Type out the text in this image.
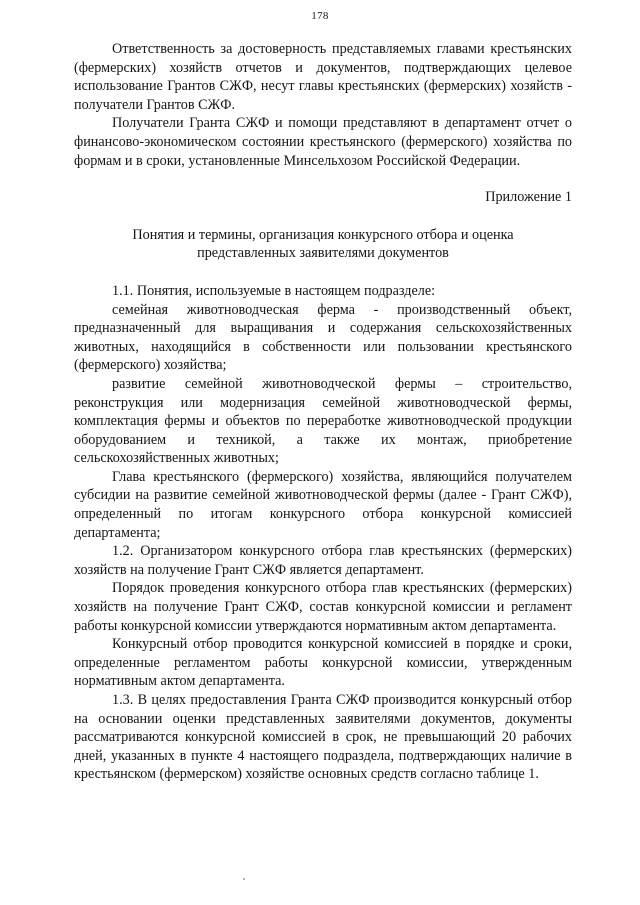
178

Ответственность за достоверность представляемых главами крестьянских (фермерских) хозяйств отчетов и документов, подтверждающих целевое использование Грантов СЖФ, несут главы крестьянских (фермерских) хозяйств - получатели Грантов СЖФ.

Получатели Гранта СЖФ и помощи представляют в департамент отчет о финансово-экономическом состоянии крестьянского (фермерского) хозяйства по формам и в сроки, установленные Минсельхозом Российской Федерации.

Приложение 1

Понятия и термины, организация конкурсного отбора и оценка представленных заявителями документов

1.1. Понятия, используемые в настоящем подразделе:

семейная животноводческая ферма - производственный объект, предназначенный для выращивания и содержания сельскохозяйственных животных, находящийся в собственности или пользовании крестьянского (фермерского) хозяйства;

развитие семейной животноводческой фермы – строительство, реконструкция или модернизация семейной животноводческой фермы, комплектация фермы и объектов по переработке животноводческой продукции оборудованием и техникой, а также их монтаж, приобретение сельскохозяйственных животных;

Глава крестьянского (фермерского) хозяйства, являющийся получателем субсидии на развитие семейной животноводческой фермы (далее - Грант СЖФ), определенный по итогам конкурсного отбора конкурсной комиссией департамента;

1.2. Организатором конкурсного отбора глав крестьянских (фермерских) хозяйств на получение Грант СЖФ является департамент.

Порядок проведения конкурсного отбора глав крестьянских (фермерских) хозяйств на получение Грант СЖФ, состав конкурсной комиссии и регламент работы конкурсной комиссии утверждаются нормативным актом департамента.

Конкурсный отбор проводится конкурсной комиссией в порядке и сроки, определенные регламентом работы конкурсной комиссии, утвержденным нормативным актом департамента.

1.3. В целях предоставления Гранта СЖФ производится конкурсный отбор на основании оценки представленных заявителями документов, документы рассматриваются конкурсной комиссией в срок, не превышающий 20 рабочих дней, указанных в пункте 4 настоящего подраздела, подтверждающих наличие в крестьянском (фермерском) хозяйстве основных средств согласно таблице 1.
